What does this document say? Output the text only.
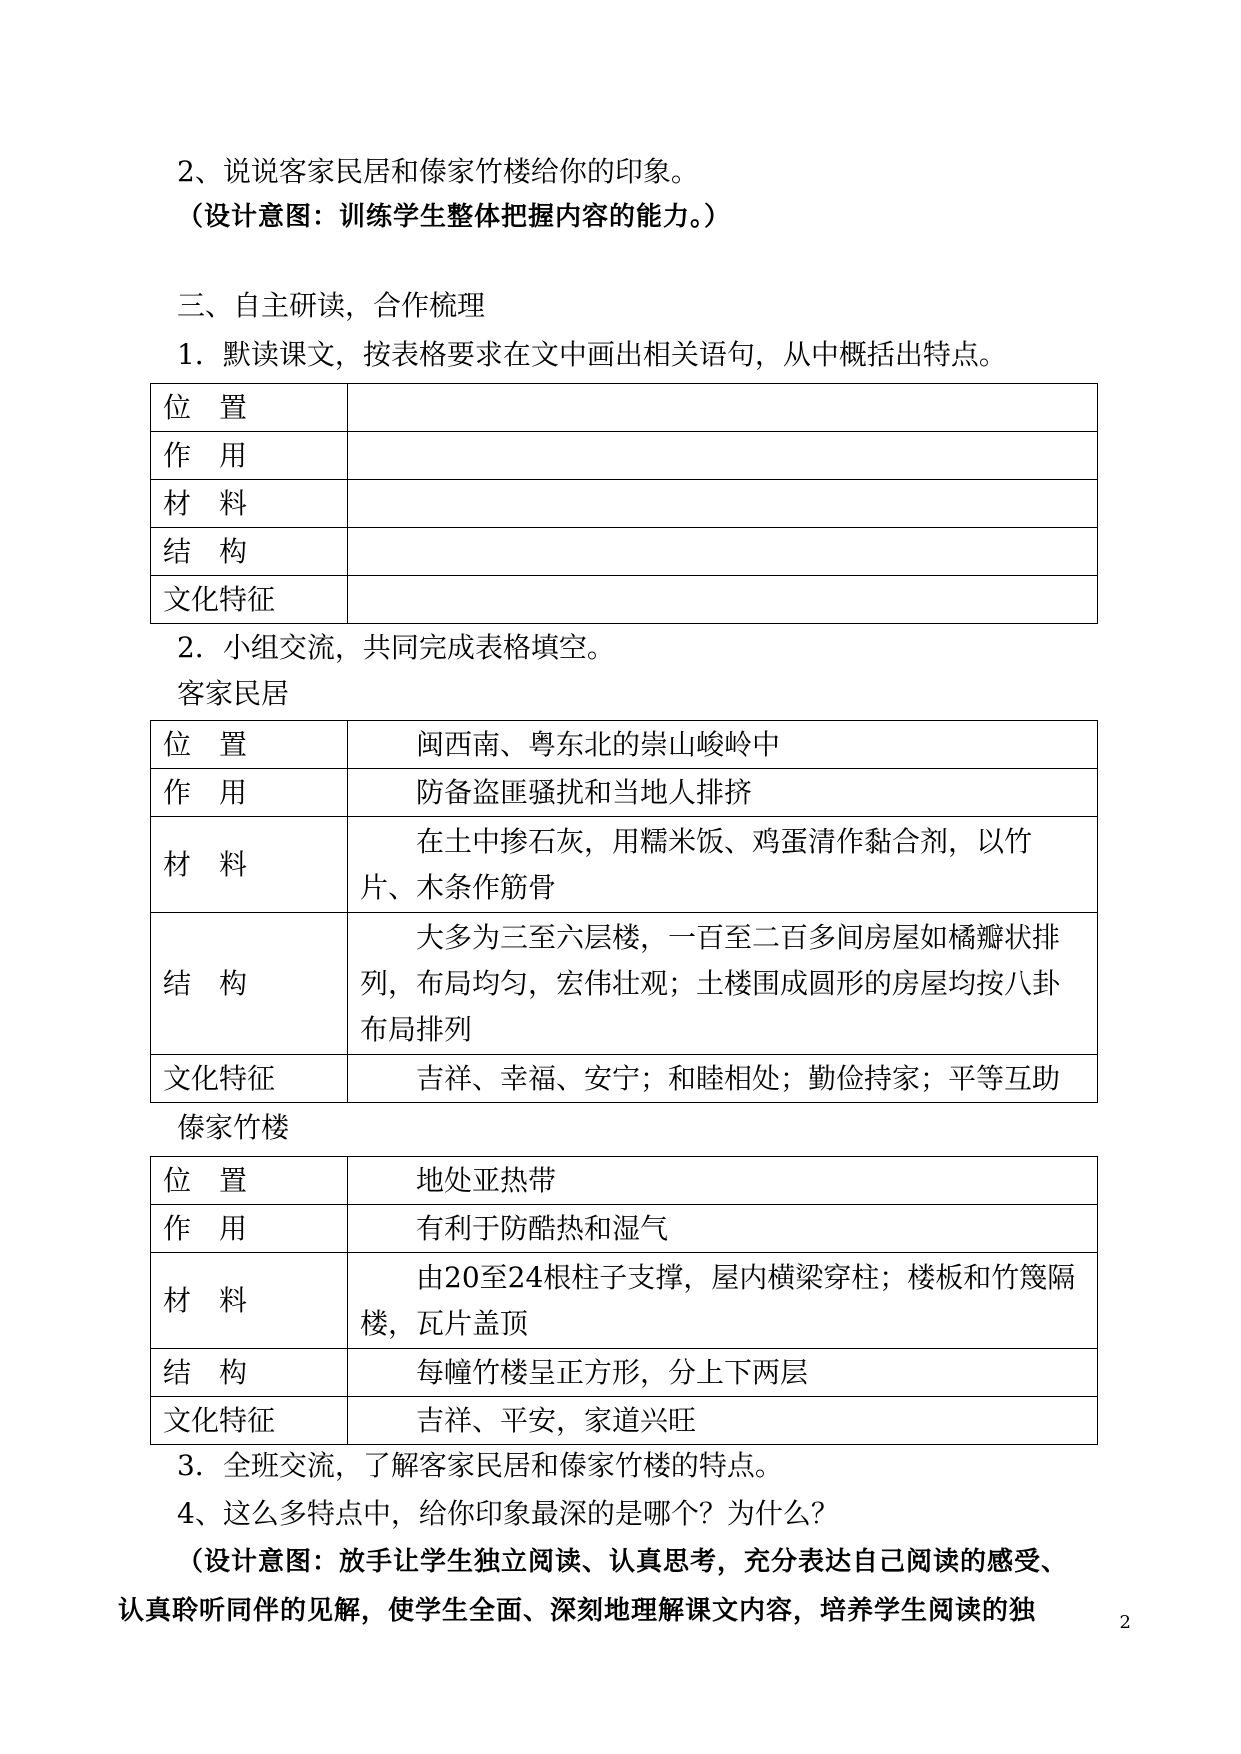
2、说说客家民居和傣家竹楼给你的印象。
（设计意图：训练学生整体把握内容的能力。）
三、自主研读，合作梳理
1．默读课文，按表格要求在文中画出相关语句，从中概括出特点。
位　置	
作　用	
材　料	
结　构	
文化特征	
2．小组交流，共同完成表格填空。
客家民居
位　置	闽西南、粤东北的崇山峻岭中
作　用	防备盗匪骚扰和当地人排挤
材　料	在土中掺石灰，用糯米饭、鸡蛋清作黏合剂，以竹片、木条作筋骨
结　构	大多为三至六层楼，一百至二百多间房屋如橘瓣状排列，布局均匀，宏伟壮观；土楼围成圆形的房屋均按八卦布局排列
文化特征	吉祥、幸福、安宁；和睦相处；勤俭持家；平等互助
傣家竹楼
位　置	地处亚热带
作　用	有利于防酷热和湿气
材　料	由20至24根柱子支撑，屋内横梁穿柱；楼板和竹篾隔楼，瓦片盖顶
结　构	每幢竹楼呈正方形，分上下两层
文化特征	吉祥、平安，家道兴旺
3．全班交流，了解客家民居和傣家竹楼的特点。
4、这么多特点中，给你印象最深的是哪个？为什么？
（设计意图：放手让学生独立阅读、认真思考，充分表达自己阅读的感受、
认真聆听同伴的见解，使学生全面、深刻地理解课文内容，培养学生阅读的独	2
